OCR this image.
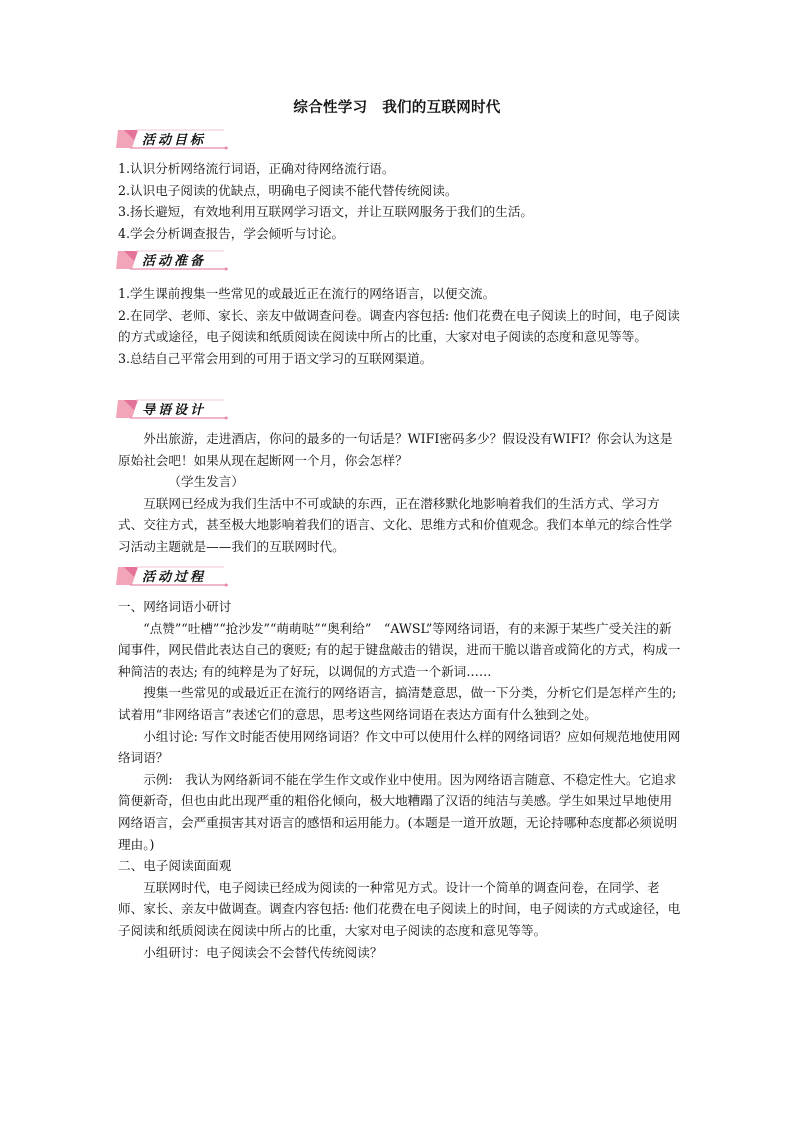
综合性学习　我们的互联网时代
活动目标

1.认识分析网络流行词语，正确对待网络流行语。

2.认识电子阅读的优缺点，明确电子阅读不能代替传统阅读。

3.扬长避短，有效地利用互联网学习语文，并让互联网服务于我们的生活。

4.学会分析调查报告，学会倾听与讨论。

活动准备

1.学生课前搜集一些常见的或最近正在流行的网络语言，以便交流。

2.在同学、老师、家长、亲友中做调查问卷。调查内容包括: 他们花费在电子阅读上的时间，电子阅读的方式或途径，电子阅读和纸质阅读在阅读中所占的比重，大家对电子阅读的态度和意见等等。

3.总结自己平常会用到的可用于语文学习的互联网渠道。

导语设计

外出旅游，走进酒店，你问的最多的一句话是？WIFI密码多少？假设没有WIFI？你会认为这是原始社会吧！如果从现在起断网一个月，你会怎样？

（学生发言）

互联网已经成为我们生活中不可或缺的东西，正在潜移默化地影响着我们的生活方式、学习方式、交往方式，甚至极大地影响着我们的语言、文化、思维方式和价值观念。我们本单元的综合性学习活动主题就是——我们的互联网时代。

活动过程

一、网络词语小研讨

“点赞”“吐槽”“抢沙发”“萌萌哒”“奥利给”　“AWSL”等网络词语，有的来源于某些广受关注的新闻事件，网民借此表达自己的褒贬; 有的起于键盘敲击的错误，进而干脆以谐音或简化的方式，构成一种简洁的表达; 有的纯粹是为了好玩，以调侃的方式造一个新词……

搜集一些常见的或最近正在流行的网络语言，搞清楚意思，做一下分类，分析它们是怎样产生的; 试着用“非网络语言”表述它们的意思，思考这些网络词语在表达方面有什么独到之处。

小组讨论: 写作文时能否使用网络词语？作文中可以使用什么样的网络词语？应如何规范地使用网络词语？

示例:　我认为网络新词不能在学生作文或作业中使用。因为网络语言随意、不稳定性大。它追求简便新奇，但也由此出现严重的粗俗化倾向，极大地糟蹋了汉语的纯洁与美感。学生如果过早地使用网络语言，会严重损害其对语言的感悟和运用能力。(本题是一道开放题，无论持哪种态度都必须说明理由。)

二、电子阅读面面观

互联网时代，电子阅读已经成为阅读的一种常见方式。设计一个简单的调查问卷，在同学、老师、家长、亲友中做调查。调查内容包括: 他们花费在电子阅读上的时间，电子阅读的方式或途径，电子阅读和纸质阅读在阅读中所占的比重，大家对电子阅读的态度和意见等等。

小组研讨：电子阅读会不会替代传统阅读？
